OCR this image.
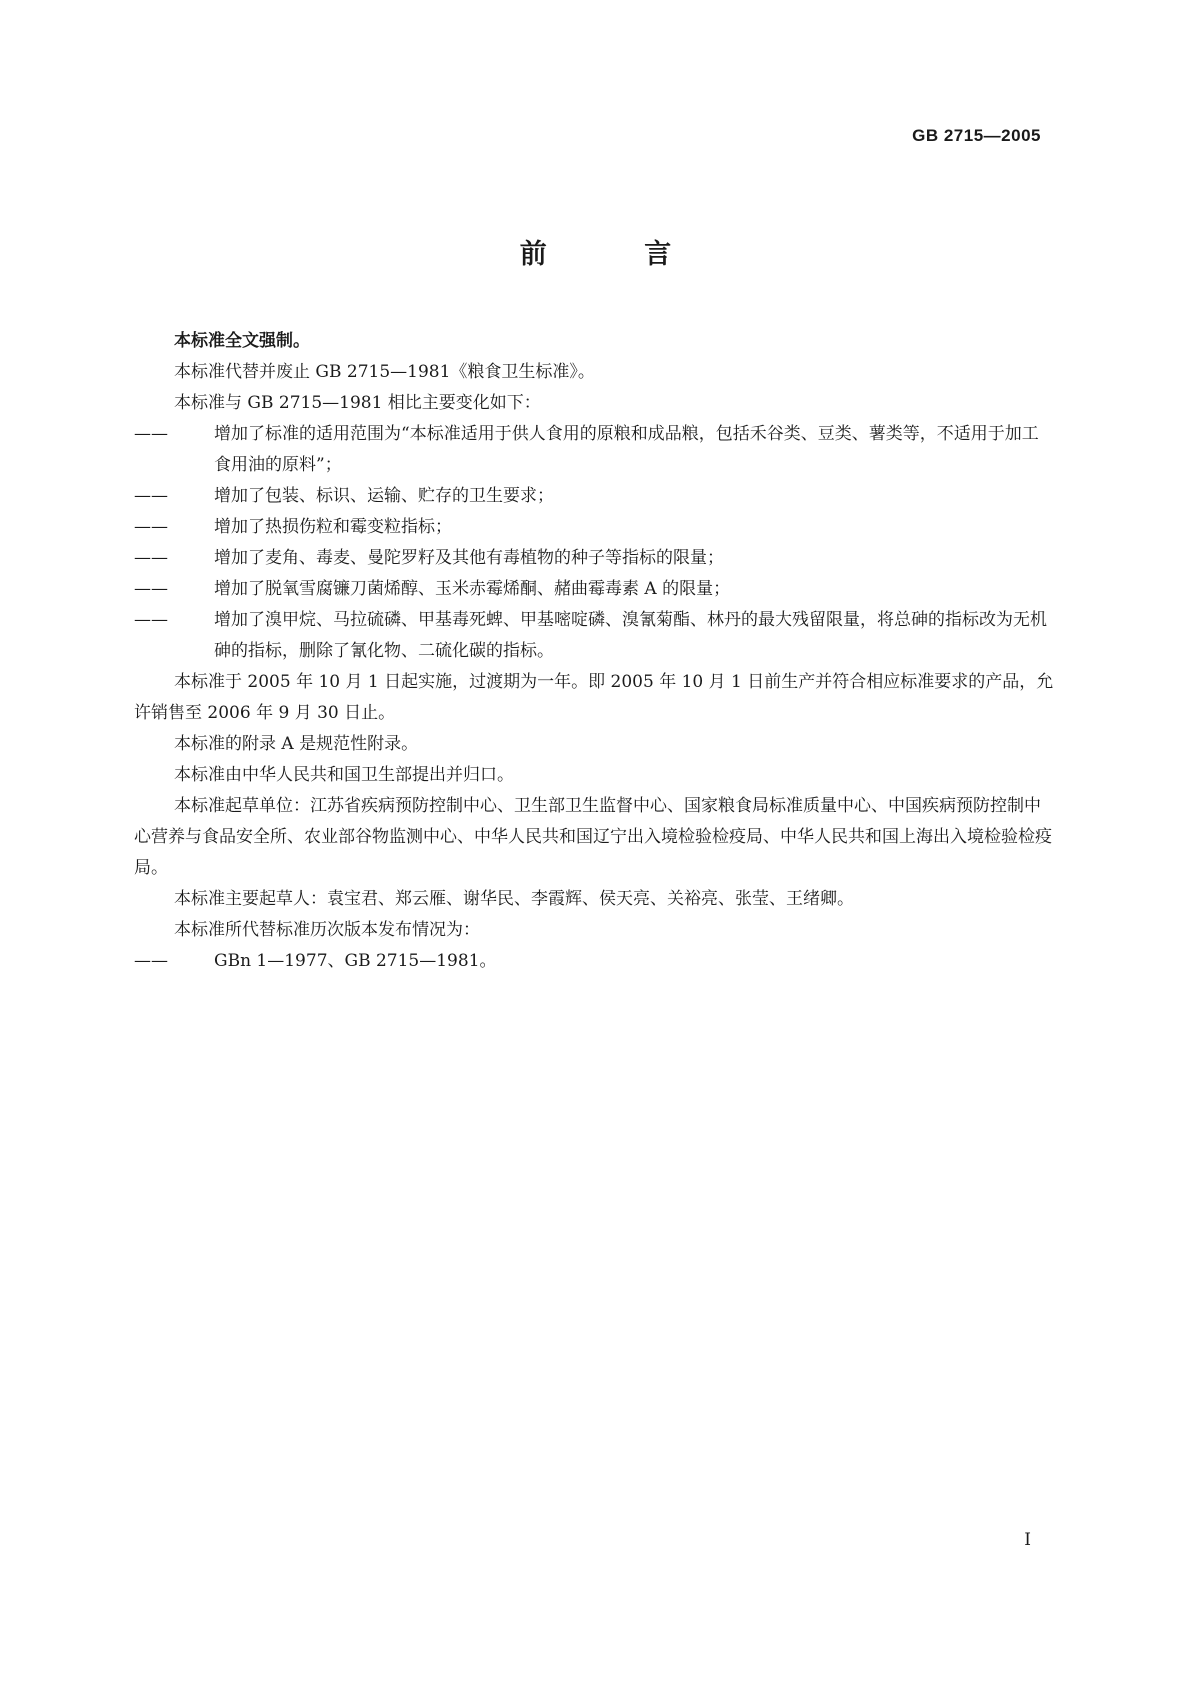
GB 2715—2005
前 言

本标准全文强制。

本标准代替并废止 GB 2715—1981《粮食卫生标准》。

本标准与 GB 2715—1981 相比主要变化如下：

——	增加了标准的适用范围为“本标准适用于供人食用的原粮和成品粮，包括禾谷类、豆类、薯类等，不适用于加工食用油的原料”；

——	增加了包装、标识、运输、贮存的卫生要求；

——	增加了热损伤粒和霉变粒指标；

——	增加了麦角、毒麦、曼陀罗籽及其他有毒植物的种子等指标的限量；

——	增加了脱氧雪腐镰刀菌烯醇、玉米赤霉烯酮、赭曲霉毒素 A 的限量；

——	增加了溴甲烷、马拉硫磷、甲基毒死蜱、甲基嘧啶磷、溴氰菊酯、林丹的最大残留限量，将总砷的指标改为无机砷的指标，删除了氰化物、二硫化碳的指标。

本标准于 2005 年 10 月 1 日起实施，过渡期为一年。即 2005 年 10 月 1 日前生产并符合相应标准要求的产品，允许销售至 2006 年 9 月 30 日止。

本标准的附录 A 是规范性附录。

本标准由中华人民共和国卫生部提出并归口。

本标准起草单位：江苏省疾病预防控制中心、卫生部卫生监督中心、国家粮食局标准质量中心、中国疾病预防控制中心营养与食品安全所、农业部谷物监测中心、中华人民共和国辽宁出入境检验检疫局、中华人民共和国上海出入境检验检疫局。

本标准主要起草人：袁宝君、郑云雁、谢华民、李霞辉、侯天亮、关裕亮、张莹、王绪卿。

本标准所代替标准历次版本发布情况为：

——	GBn 1—1977、GB 2715—1981。

I
